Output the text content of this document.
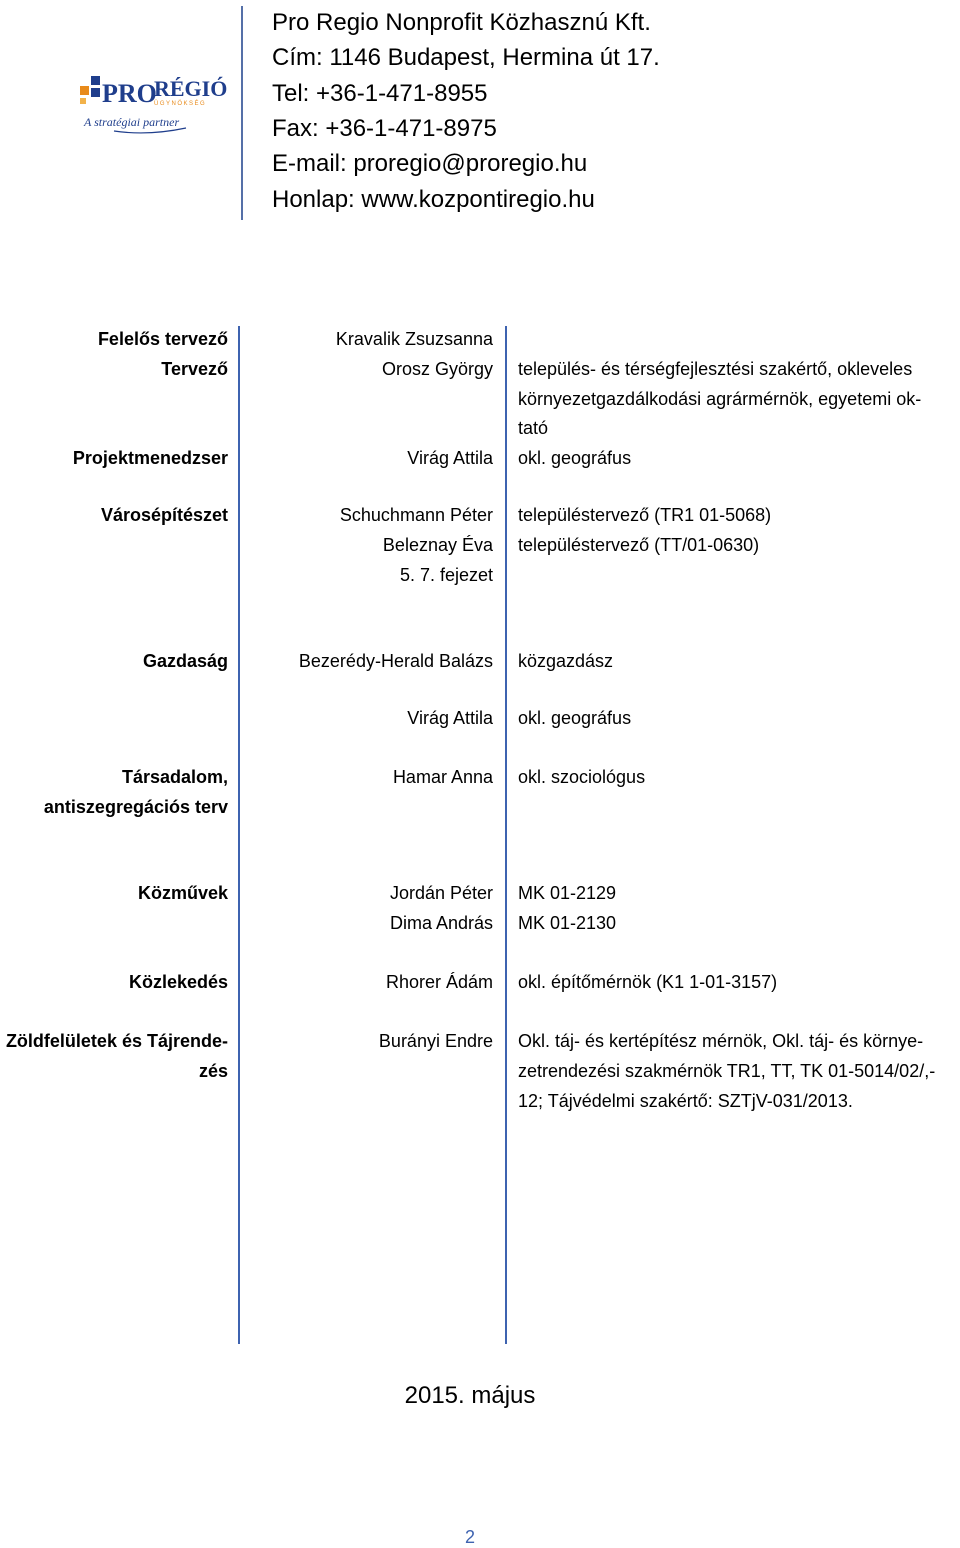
PRO
RÉGIÓ
ÜGYNÖKSÉG
A stratégiai partner
Pro Regio Nonprofit Közhasznú Kft.
Cím: 1146 Budapest, Hermina út 17.
Tel: +36-1-471-8955
Fax: +36-1-471-8975
E-mail: proregio@proregio.hu
Honlap: www.kozpontiregio.hu
Felelős tervező
Tervező
Projektmenedzser
Városépítészet
Gazdaság
Társadalom,
antiszegregációs terv
Közművek
Közlekedés
Zöldfelületek és Tájrende-
zés
Kravalik Zsuzsanna
Orosz György
Virág Attila
Schuchmann Péter
Beleznay Éva
5. 7. fejezet
Bezerédy-Herald Balázs
Virág Attila
Hamar Anna
Jordán Péter
Dima András
Rhorer Ádám
Burányi Endre
település- és térségfejlesztési szakértő, okleveles
környezetgazdálkodási agrármérnök, egyetemi ok-
tató
okl. geográfus
településtervező (TR1 01-5068)
településtervező (TT/01-0630)
közgazdász
okl. geográfus
okl. szociológus
MK 01-2129
MK 01-2130
okl. építőmérnök (K1 1-01-3157)
Okl. táj- és kertépítész mérnök, Okl. táj- és környe-
zetrendezési szakmérnök TR1, TT, TK 01-5014/02/,-
12; Tájvédelmi szakértő: SZTjV-031/2013.
2015. május
2
